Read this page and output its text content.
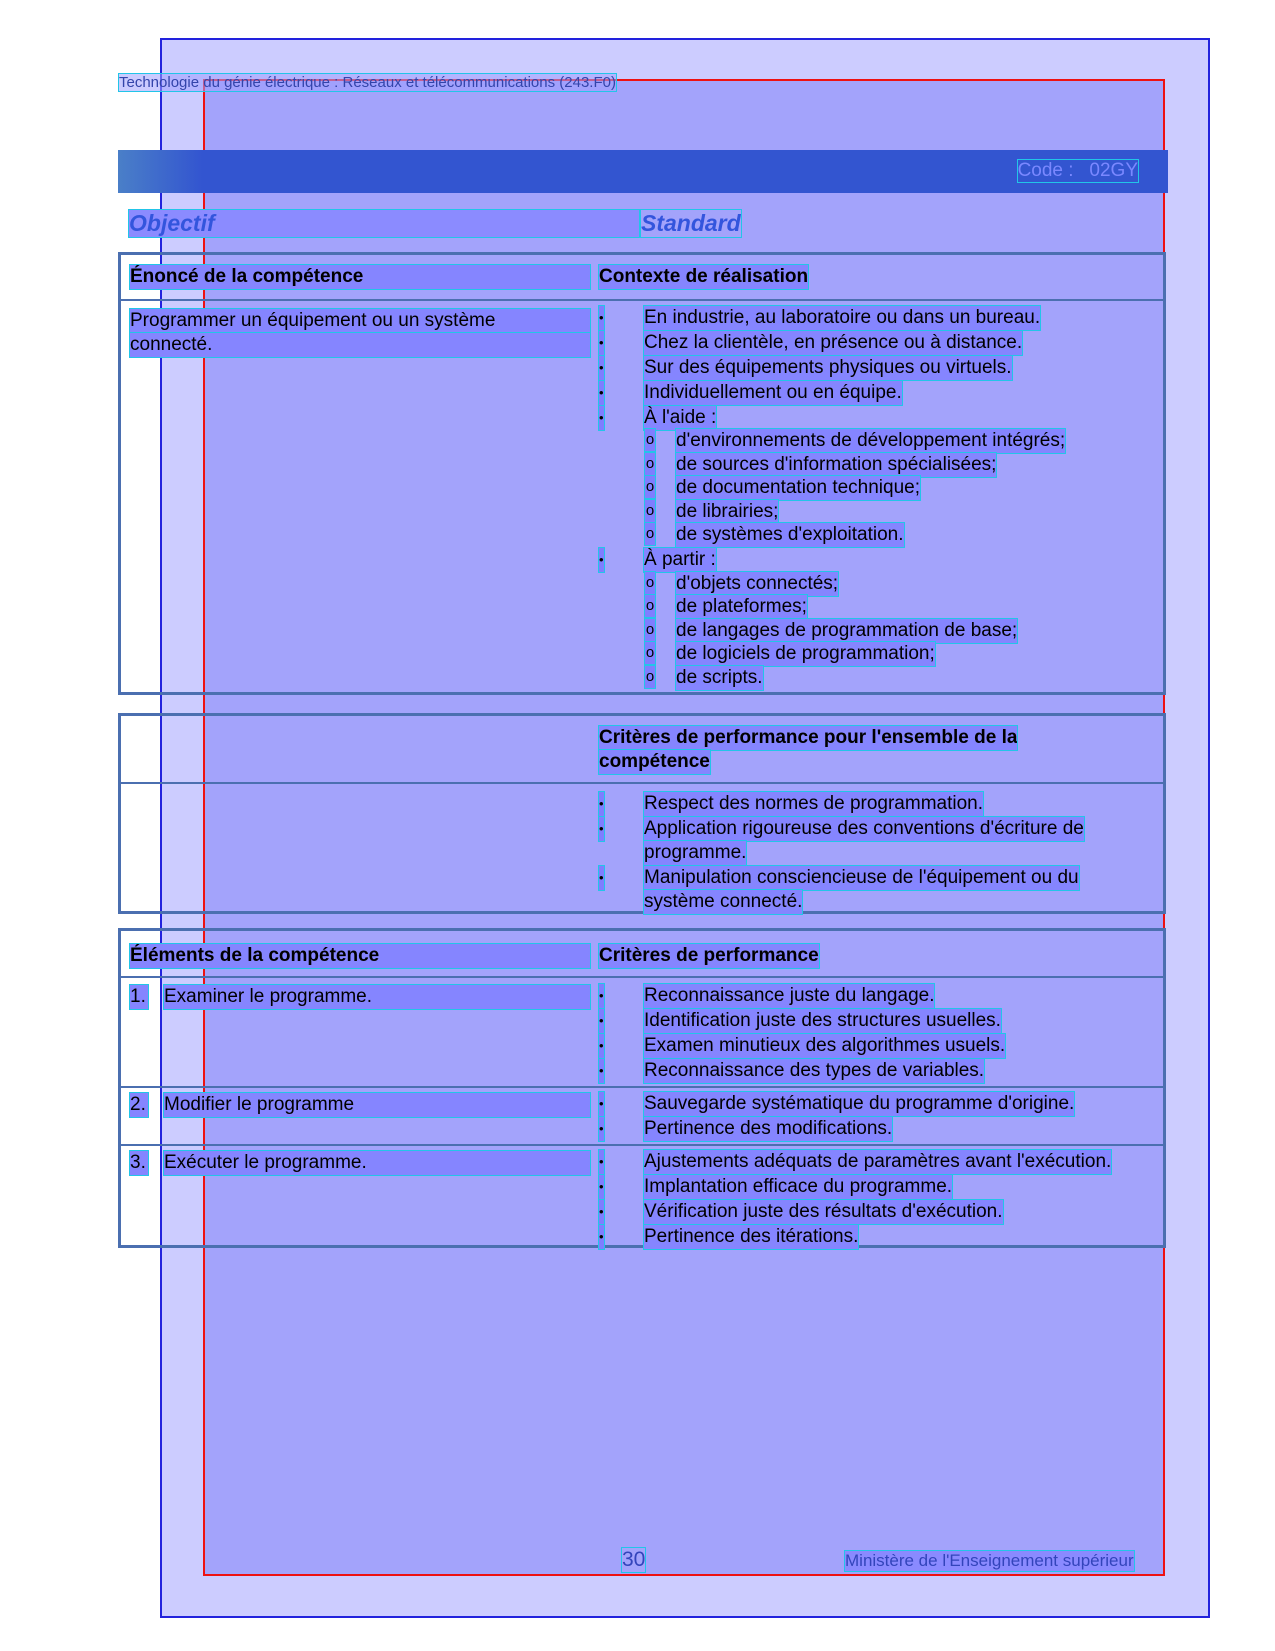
Technologie du génie électrique : Réseaux et télécommunications (243.F0)
Code : 02GY
Objectif	Standard
Énoncé de la compétence	Contexte de réalisation
Programmer un équipement ou un système
connecté.
• En industrie, au laboratoire ou dans un bureau.
• Chez la clientèle, en présence ou à distance.
• Sur des équipements physiques ou virtuels.
• Individuellement ou en équipe.
• À l'aide :
o d'environnements de développement intégrés;
o de sources d'information spécialisées;
o de documentation technique;
o de librairies;
o de systèmes d'exploitation.
• À partir :
o d'objets connectés;
o de plateformes;
o de langages de programmation de base;
o de logiciels de programmation;
o de scripts.
Critères de performance pour l'ensemble de la
compétence
• Respect des normes de programmation.
• Application rigoureuse des conventions d'écriture de
programme.
• Manipulation consciencieuse de l'équipement ou du
système connecté.
Éléments de la compétence	Critères de performance
1. Examiner le programme.	• Reconnaissance juste du langage.
• Identification juste des structures usuelles.
• Examen minutieux des algorithmes usuels.
• Reconnaissance des types de variables.
2. Modifier le programme	• Sauvegarde systématique du programme d'origine.
• Pertinence des modifications.
3. Exécuter le programme.	• Ajustements adéquats de paramètres avant l'exécution.
• Implantation efficace du programme.
• Vérification juste des résultats d'exécution.
• Pertinence des itérations.
30	Ministère de l'Enseignement supérieur
